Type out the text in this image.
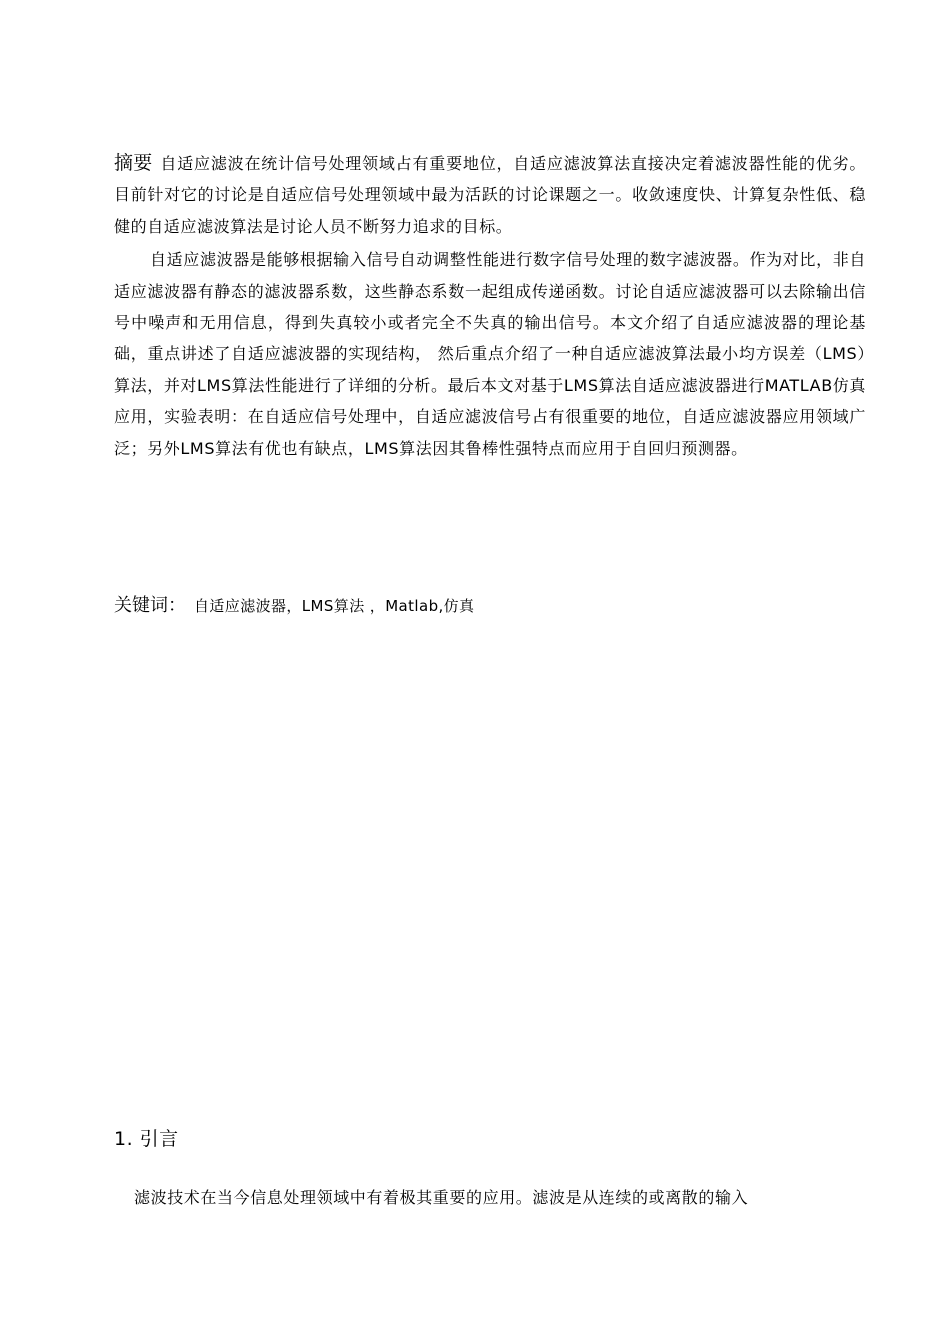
摘要 自适应滤波在统计信号处理领域占有重要地位，自适应滤波算法直接决定着滤波器性能的优劣。目前针对它的讨论是自适应信号处理领域中最为活跃的讨论课题之一。收敛速度快、计算复杂性低、稳健的自适应滤波算法是讨论人员不断努力追求的目标。

自适应滤波器是能够根据输入信号自动调整性能进行数字信号处理的数字滤波器。作为对比，非自适应滤波器有静态的滤波器系数，这些静态系数一起组成传递函数。讨论自适应滤波器可以去除输出信号中噪声和无用信息，得到失真较小或者完全不失真的输出信号。本文介绍了自适应滤波器的理论基础，重点讲述了自适应滤波器的实现结构， 然后重点介绍了一种自适应滤波算法最小均方误差（LMS）算法，并对LMS算法性能进行了详细的分析。最后本文对基于LMS算法自适应滤波器进行MATLAB仿真应用，实验表明：在自适应信号处理中，自适应滤波信号占有很重要的地位，自适应滤波器应用领域广泛；另外LMS算法有优也有缺点，LMS算法因其鲁棒性强特点而应用于自回归预测器。

关键词： 自适应滤波器，LMS算法 ，Matlab,仿真
1. 引言

滤波技术在当今信息处理领域中有着极其重要的应用。滤波是从连续的或离散的输入
